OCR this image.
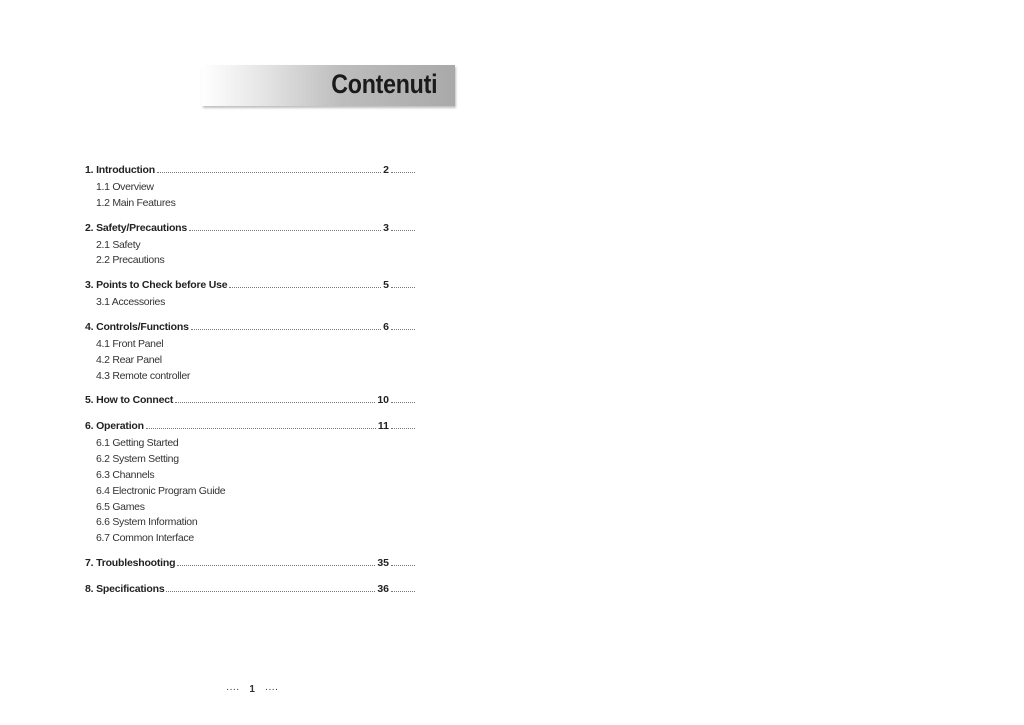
Contenuti
1. Introduction	2
1.1 Overview
1.2 Main Features
2. Safety/Precautions	3
2.1 Safety
2.2 Precautions
3. Points to Check before Use	5
3.1 Accessories
4. Controls/Functions	6
4.1 Front Panel
4.2 Rear Panel
4.3 Remote controller
5. How to Connect	10
6. Operation	11
6.1 Getting Started
6.2 System Setting
6.3 Channels
6.4 Electronic Program Guide
6.5 Games
6.6 System Information
6.7 Common Interface
7. Troubleshooting	35
8. Specifications	36
···· 1 ····
